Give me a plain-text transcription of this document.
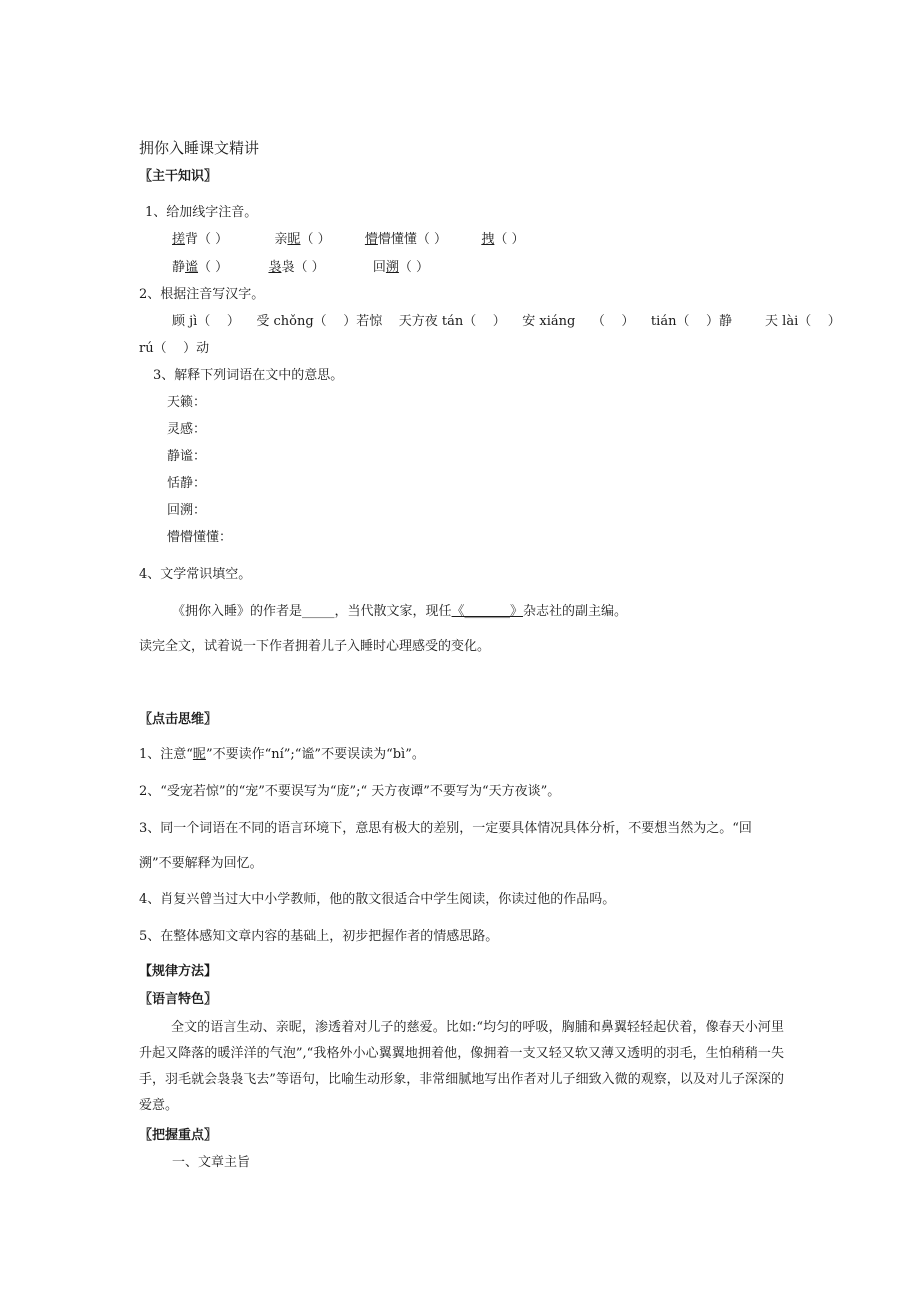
拥你入睡课文精讲
〖主干知识〗
1、给加线字注音。
搓背（ ）	亲昵（ ）	懵懵懂懂（ ）	拽（ ）
静谧（ ）	袅袅（ ）	回溯（ ）
2、根据注音写汉字。
顾 jì（    ）    受 chǒng（    ）若惊    天方夜 tán（    ）    安 xiáng    （    ）    tián（    ）静        天 lài（    ）
rú（    ）动
3、解释下列词语在文中的意思。
天籁：
灵感：
静谧：
恬静：
回溯：
懵懵懂懂：
4、文学常识填空。
《拥你入睡》的作者是_____，当代散文家，现任《_______》杂志社的副主编。
读完全文，试着说一下作者拥着儿子入睡时心理感受的变化。
〖点击思维〗
1、注意“昵”不要读作“ní”;“谧”不要误读为“bì”。
2、“受宠若惊”的“宠”不要误写为“庞”;“ 天方夜谭”不要写为“天方夜谈”。
3、同一个词语在不同的语言环境下，意思有极大的差别，一定要具体情况具体分析，不要想当然为之。“回
溯”不要解释为回忆。
4、肖复兴曾当过大中小学教师，他的散文很适合中学生阅读，你读过他的作品吗。
5、在整体感知文章内容的基础上，初步把握作者的情感思路。
【规律方法】
〖语言特色〗
全文的语言生动、亲昵，渗透着对儿子的慈爱。比如:“均匀的呼吸，胸脯和鼻翼轻轻起伏着，像春天小河里升起又降落的暖洋洋的气泡”,“我格外小心翼翼地拥着他，像拥着一支又轻又软又薄又透明的羽毛，生怕稍稍一失手，羽毛就会袅袅飞去”等语句，比喻生动形象，非常细腻地写出作者对儿子细致入微的观察，以及对儿子深深的爱意。
〖把握重点〗
一、文章主旨
